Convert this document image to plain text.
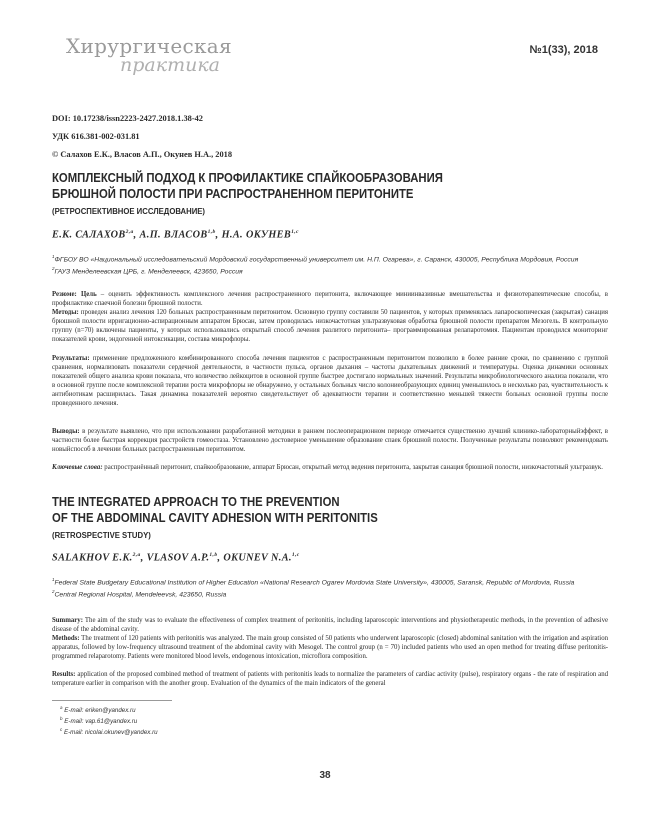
Хирургическая
практика
№1(33), 2018
DOI: 10.17238/issn2223-2427.2018.1.38-42
УДК 616.381-002-031.81
© Салахов Е.К., Власов А.П., Окунев Н.А., 2018
КОМПЛЕКСНЫЙ ПОДХОД К ПРОФИЛАКТИКЕ СПАЙКООБРАЗОВАНИЯ
БРЮШНОЙ ПОЛОСТИ ПРИ РАСПРОСТРАНЕННОМ ПЕРИТОНИТЕ
(РЕТРОСПЕКТИВНОЕ ИССЛЕДОВАНИЕ)
Е.К. САЛАХОВ$^{2,a}$, А.П. ВЛАСОВ$^{1,b}$, Н.А. ОКУНЕВ$^{1,c}$
$^1$ФГБОУ ВО «Национальный исследовательский Мордовский государственный университет им. Н.П. Огарева», г. Саранск, 430005, Республика Мордовия, Россия
$^2$ГАУЗ Менделеевская ЦРБ, г. Менделеевск, 423650, Россия
Резюме: Цель – оценить эффективность комплексного лечения распространенного перитонита, включающее миниинвазивные вмешательства и физиотерапевтические способы, в профилактике спаечной болезни брюшной полости.
Методы: проведен анализ лечения 120 больных распространенным перитонитом. Основную группу составили 50 пациентов, у которых применялась лапароскопическая (закрытая) санация брюшной полости ирригационно-аспирационным аппаратом Брюсан, затем проводилась низкочастотная ультразвуковая обработка брюшной полости препаратом Мезогель. В контрольную группу (n=70) включены пациенты, у которых использовались открытый способ лечения разлитого перитонита– программированная релапаротомия. Пациентам проводился мониторинг показателей крови, эндогенной интоксикации, состава микрофлоры.
Результаты: применение предложенного комбинированного способа лечения пациентов с распространенным перитонитом позволило в более ранние сроки, по сравнению с группой сравнения, нормализовать показатели сердечной деятельности, в частности пульса, органов дыхания – частоты дыхательных движений и температуры. Оценка динамики основных показателей общего анализа крови показала, что количество лейкоцитов в основной группе быстрее достигало нормальных значений. Результаты микробиологического анализа показали, что в основной группе после комплексной терапии роста микрофлоры не обнаружено, у остальных больных число колониеобразующих единиц уменьшилось в несколько раз, чувствительность к антибиотикам расширилась. Такая динамика показателей вероятно свидетельствует об адекватности терапии и соответственно меньшей тяжести больных основной группы после проведенного лечения.
Выводы: в результате выявлено, что при использовании разработанной методики в раннем послеоперационном периоде отмечается существенно лучший клинико-лабораторныйэффект, в частности более быстрая коррекция расстройств гомеостаза. Установлено достоверное уменьшение образование спаек брюшной полости. Полученные результаты позволяют рекомендовать новыйспособ в лечении больных распространенным перитонитом.
Ключевые слова: распространённый перитонит, спайкообразование, аппарат Брюсан, открытый метод ведения перитонита, закрытая санация брюшной полости, низкочастотный ультразвук.
THE INTEGRATED APPROACH TO THE PREVENTION
OF THE ABDOMINAL CAVITY ADHESION WITH PERITONITIS
(RETROSPECTIVE STUDY)
SALAKHOV E.K.$^{2,a}$, VLASOV A.P.$^{1,b}$, OKUNEV N.A.$^{1,c}$
$^1$Federal State Budgetary Educational Institution of Higher Education «National Research Ogarev Mordovia State University», 430005, Saransk, Republic of Mordovia, Russia
$^2$Central Regional Hospital, Mendeleevsk, 423650, Russia
Summary: The aim of the study was to evaluate the effectiveness of complex treatment of peritonitis, including laparoscopic interventions and physiotherapeutic methods, in the prevention of adhesive disease of the abdominal cavity.
Methods: The treatment of 120 patients with peritonitis was analyzed. The main group consisted of 50 patients who underwent laparoscopic (closed) abdominal sanitation with the irrigation and aspiration apparatus, followed by low-frequency ultrasound treatment of the abdominal cavity with Mesogel. The control group (n = 70) included patients who used an open method for treating diffuse peritonitis-programmed relaparotomy. Patients were monitored blood levels, endogenous intoxication, microflora composition.
Results: application of the proposed combined method of treatment of patients with peritonitis leads to normalize the parameters of cardiac activity (pulse), respiratory organs - the rate of respiration and temperature earlier in comparison with the another group. Evaluation of the dynamics of the main indicators of the general
$^a$ E-mail: eriken@yandex.ru
$^b$ E-mail: vap.61@yandex.ru
$^c$ E-mail: nicolai.okunev@yandex.ru
38
